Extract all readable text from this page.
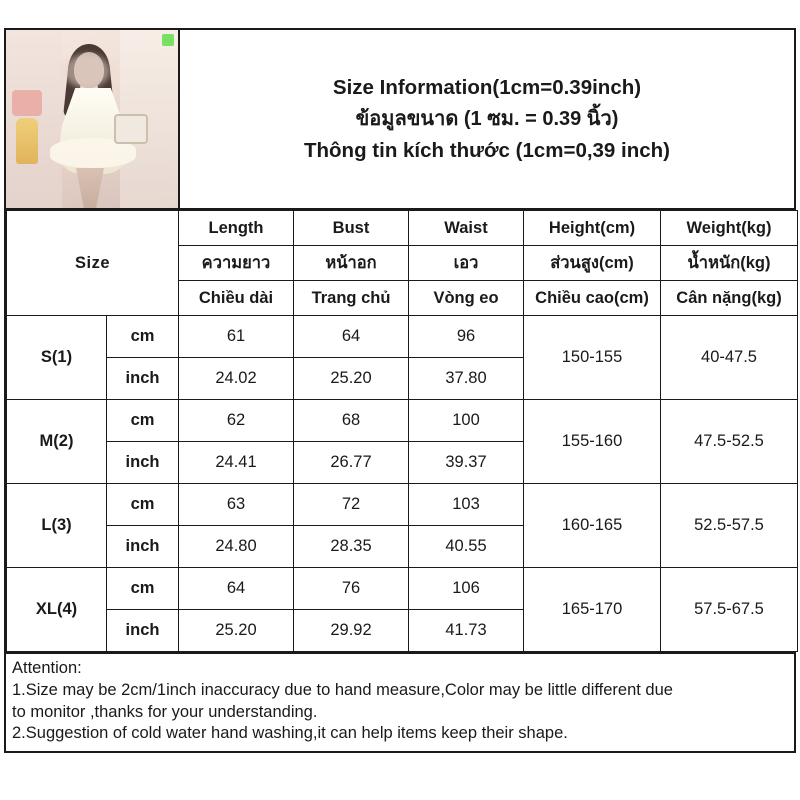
Size Information(1cm=0.39inch)
ข้อมูลขนาด (1 ซม. = 0.39 นิ้ว)
Thông tin kích thước (1cm=0,39 inch)
Size		Length	Bust	Waist	Height(cm)	Weight(kg)
		ความยาว	หน้าอก	เอว	ส่วนสูง(cm)	น้ำหนัก(kg)
		Chiều dài	Trang chủ	Vòng eo	Chiều cao(cm)	Cân nặng(kg)
S(1)	cm	61	64	96	150-155	40-47.5
	inch	24.02	25.20	37.80		
M(2)	cm	62	68	100	155-160	47.5-52.5
	inch	24.41	26.77	39.37		
L(3)	cm	63	72	103	160-165	52.5-57.5
	inch	24.80	28.35	40.55		
XL(4)	cm	64	76	106	165-170	57.5-67.5
	inch	25.20	29.92	41.73		

Attention:

1.Size may be 2cm/1inch inaccuracy due to hand measure,Color may be little different due

to monitor ,thanks for your understanding.

2.Suggestion of cold water hand washing,it can help items keep their shape.
